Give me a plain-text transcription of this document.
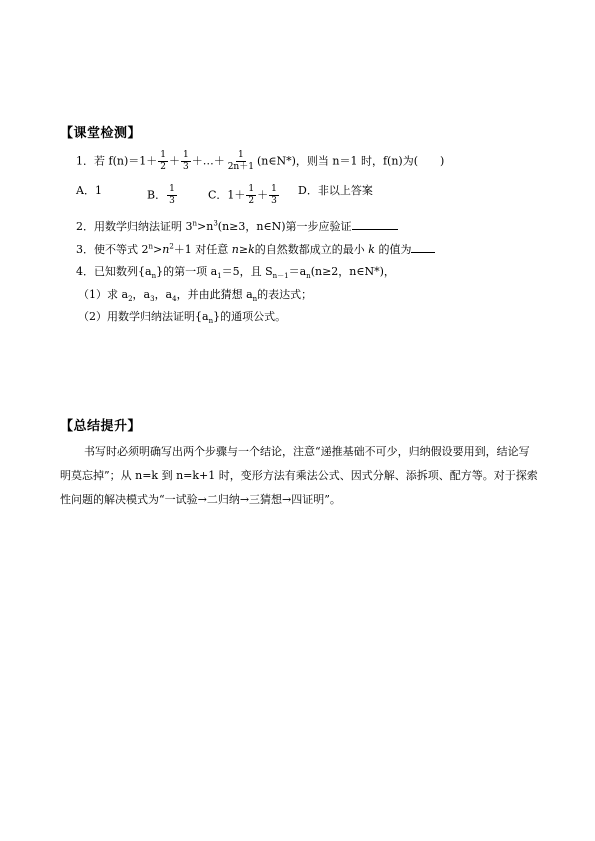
【课堂检测】
1．若 $f(n)=1+ \frac{1}{2} + \frac{1}{3}$ ＋…＋ $\frac{1}{2n+1}$ (n∈N*)，则当 n＝1 时，f(n)为(　　)
A．1	B． $\frac{1}{3}$	C．$1+ \frac{1}{2} + \frac{1}{3}$ D．非以上答案
2．用数学归纳法证明 $3^n>n^3(n\ge 3$，n∈N)第一步应验证
3．使不等式 $2^n>n^2+1$ 对任意 n≥k的自然数都成立的最小 k 的值为
4．已知数列$\{a_n\}$的第一项 $a_1=5$，且 $S_{n-1}=a_n(n\ge 2$，n∈N*)，
（1）求 $a_2$，$a_3$，$a_4$，并由此猜想 $a_n$的表达式；
（2）用数学归纳法证明$\{a_n\}$的通项公式。
【总结提升】
书写时必须明确写出两个步骤与一个结论，注意“递推基础不可少，归纳假设要用到，结论写明莫忘掉”；从 n=k 到 n=k+1 时，变形方法有乘法公式、因式分解、添拆项、配方等。对于探索性问题的解决模式为“一试验→二归纳→三猜想→四证明”。
